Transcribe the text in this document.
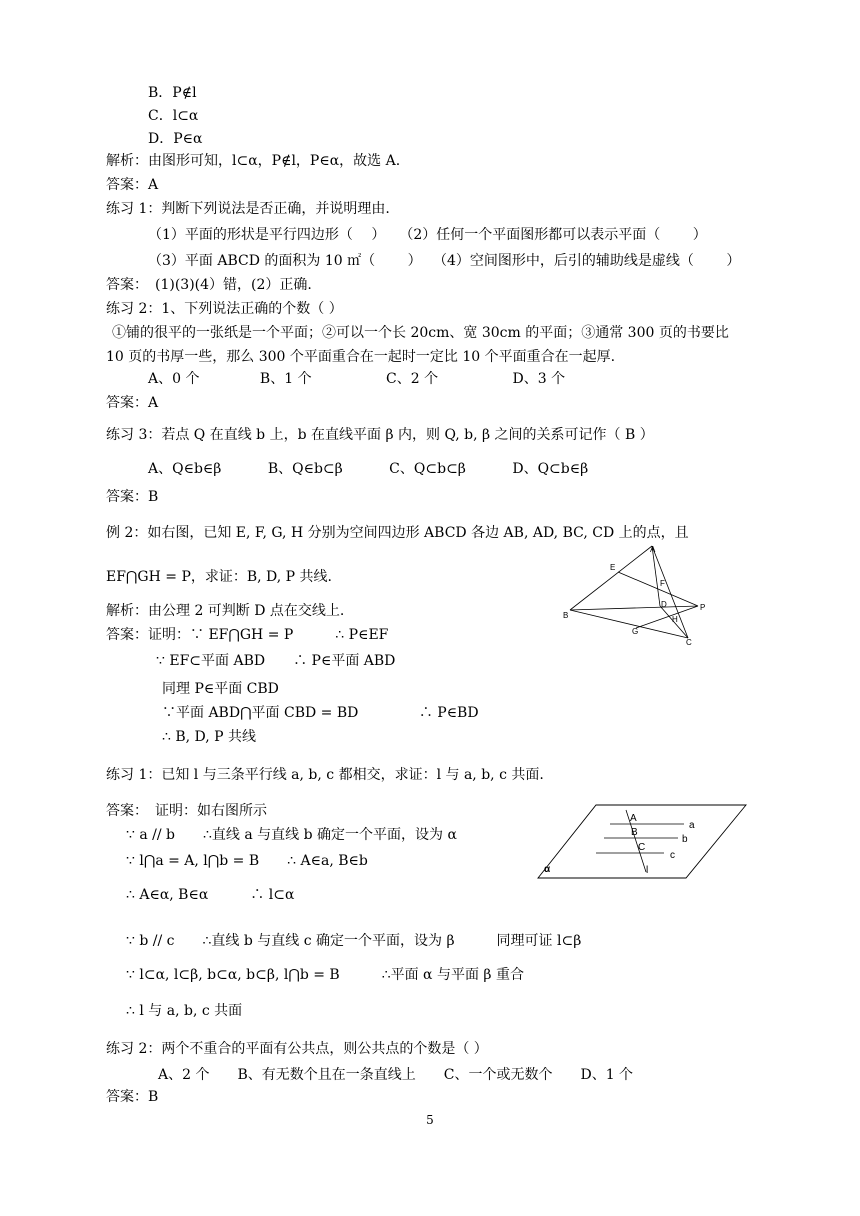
B．P∉l
C．l⊂α
D．P∈α
解析：由图形可知，l⊂α，P∉l，P∈α，故选 A.
答案：A
练习 1：判断下列说法是否正确，并说明理由.
（1）平面的形状是平行四边形（　 ）　　（2）任何一个平面图形都可以表示平面（　 　）
（3）平面 ABCD 的面积为 10 ㎡（　 　）　 （4）空间图形中，后引的辅助线是虚线（　 　）
答案：　(1)(3)(4）错，(2）正确.
练习 2：1、下列说法正确的个数（ ）
①铺的很平的一张纸是一个平面；②可以一个长 20cm、宽 30cm 的平面；③通常 300 页的书要比
10 页的书厚一些，那么 300 个平面重合在一起时一定比 10 个平面重合在一起厚.
A、0 个　　　　 B、1 个　　　　　 C、2 个　　　　　 D、3 个
答案：A
练习 3：若点 Q 在直线 b 上，b 在直线平面 β 内，则 Q, b, β 之间的关系可记作（ B ）
A、Q∈b∈β　　　 B、Q∈b⊂β　　　 C、Q⊂b⊂β　　　 D、Q⊂b∈β
答案：B
例 2：如右图，已知 E, F, G, H 分别为空间四边形 ABCD 各边 AB, AD, BC, CD 上的点，且
EF⋂GH = P，求证：B, D, P 共线.
解析：由公理 2 可判断 D 点在交线上.
答案：证明：∵ EF⋂GH = P　　　∴ P∈EF
∵ EF⊂平面 ABD　　∴ P∈平面 ABD
同理 P∈平面 CBD
∵平面 ABD⋂平面 CBD = BD　　　　 ∴ P∈BD
∴ B, D, P 共线
练习 1：已知 l 与三条平行线 a, b, c 都相交，求证：l 与 a, b, c 共面.
答案：　证明：如右图所示
∵ a // b　　∴直线 a 与直线 b 确定一个平面，设为 α
∵ l⋂a = A, l⋂b = B　　∴ A∈a, B∈b
∴ A∈α, B∈α　　　∴ l⊂α
∵ b // c　　∴直线 b 与直线 c 确定一个平面，设为 β　　　同理可证 l⊂β
∵ l⊂α, l⊂β, b⊂α, b⊂β, l⋂b = B　　　∴平面 α 与平面 β 重合
∴ l 与 a, b, c 共面
练习 2：两个不重合的平面有公共点，则公共点的个数是（ ）
A、2 个　　B、有无数个且在一条直线上　　C、一个或无数个　　D、1 个
答案：B
A
E
F
D	P
B
G
H
C
A
B
C
a
b
c
l
α
5
